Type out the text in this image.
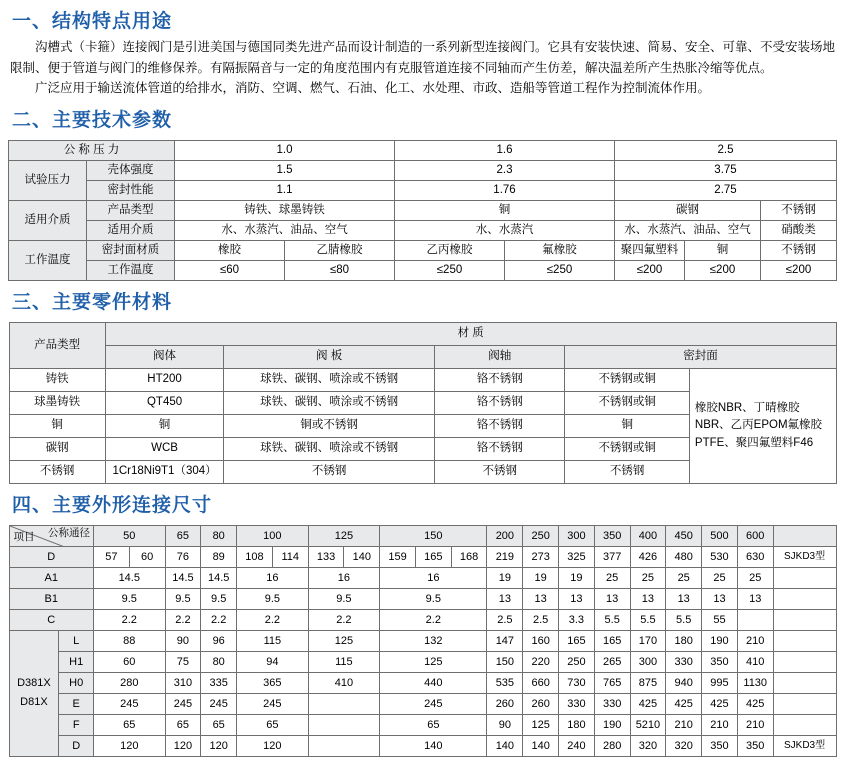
一、结构特点用途

沟槽式（卡箍）连接阀门是引进美国与德国同类先进产品而设计制造的一系列新型连接阀门。它具有安装快速、简易、安全、可靠、不受安装场地限制、便于管道与阀门的维修保养。有隔振隔音与一定的角度范围内有克服管道连接不同轴而产生仿差，解决温差所产生热胀冷缩等优点。

广泛应用于输送流体管道的给排水，消防、空调、燃气、石油、化工、水处理、市政、造船等管道工程作为控制流体作用。

二、主要技术参数
公 称 压 力		1.0		1.6		2.5		
试验压力	壳体强度	1.5		2.3		3.75		
	密封性能	1.1		1.76		2.75		
适用介质	产品类型	铸铁、球墨铸铁		铜		碳钢		不锈钢
	适用介质	水、水蒸汽、油品、空气		水、水蒸汽		水、水蒸汽、油品、空气		硝酸类
工作温度	密封面材质	橡胶	乙腈橡胶	乙丙橡胶	氟橡胶	聚四氟塑料	铜	不锈钢
	工作温度	≤60	≤80	≤250	≤250	≤200	≤200	≤200
三、主要零件材料
产品类型	材 质				
	阀体	阀 板	阀轴	密封面	
铸铁	HT200	球铁、碳钢、喷涂或不锈钢	铬不锈钢	不锈钢或铜	橡胶NBR、丁晴橡胶NBR、乙丙EPOM氟橡胶PTFE、聚四氟塑料F46
球墨铸铁	QT450	球铁、碳钢、喷涂或不锈钢	铬不锈钢	不锈钢或铜	
铜	铜	铜或不锈钢	铬不锈钢	铜	
碳钢	WCB	球铁、碳钢、喷涂或不锈钢	铬不锈钢	不锈钢或铜	
不锈钢	1Cr18Ni9T1（304）	不锈钢	不锈钢	不锈钢	
四、主要外形连接尺寸
公称通径
项目		50		65	80	100		125		150			200	250	300	350	400	450	500	600	
D		57	60	76	89	108	114	133	140	159	165	168	219	273	325	377	426	480	530	630	SJKD3型
A1		14.5		14.5	14.5	16		16		16			19	19	19	25	25	25	25	25	
B1		9.5		9.5	9.5	9.5		9.5		9.5			13	13	13	13	13	13	13	13	
C		2.2		2.2	2.2	2.2		2.2		2.2			2.5	2.5	3.3	5.5	5.5	5.5	55		

D381X
D81X	L	88		90	96	115		125		132			147	160	165	165	170	180	190	210	
	H1	60		75	80	94		115		125			150	220	250	265	300	330	350	410	
	H0	280		310	335	365		410		440			535	660	730	765	875	940	995	1130	
	E	245		245	245	245				245			260	260	330	330	425	425	425	425	
	F	65		65	65	65				65			90	125	180	190	5210	210	210	210	
	D	120		120	120	120				140			140	140	240	280	320	320	350	350	SJKD3型
